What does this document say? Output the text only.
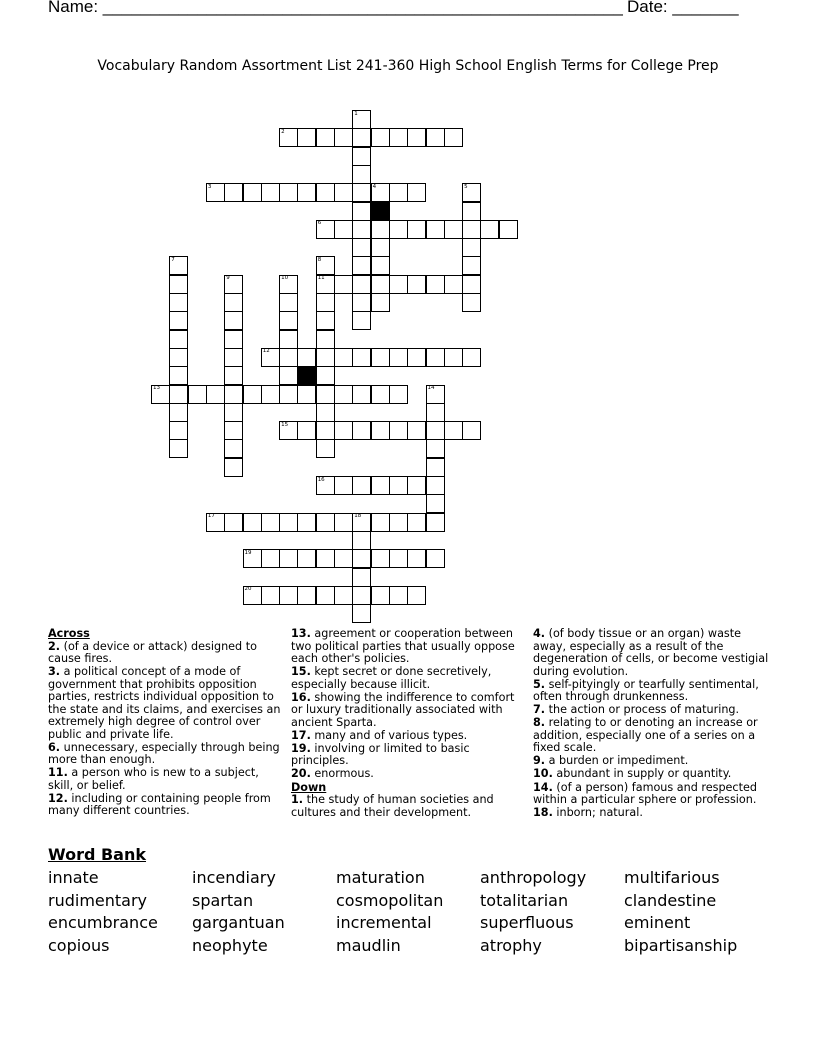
Name: _______________________________________________________ Date: _______
Vocabulary Random Assortment List 241-360 High School English Terms for College Prep
1
2
3	4	5
6
7	8
9	10	11
12
13	14
15
16
17	18
19
20
Across
2. (of a device or attack) designed to cause fires.
3. a political concept of a mode of government that prohibits opposition parties, restricts individual opposition to the state and its claims, and exercises an extremely high degree of control over public and private life.
6. unnecessary, especially through being more than enough.
11. a person who is new to a subject, skill, or belief.
12. including or containing people from many different countries.
13. agreement or cooperation between two political parties that usually oppose each other's policies.
15. kept secret or done secretively, especially because illicit.
16. showing the indifference to comfort or luxury traditionally associated with ancient Sparta.
17. many and of various types.
19. involving or limited to basic principles.
20. enormous.
Down
1. the study of human societies and cultures and their development.
4. (of body tissue or an organ) waste away, especially as a result of the degeneration of cells, or become vestigial during evolution.
5. self-pityingly or tearfully sentimental, often through drunkenness.
7. the action or process of maturing.
8. relating to or denoting an increase or addition, especially one of a series on a fixed scale.
9. a burden or impediment.
10. abundant in supply or quantity.
14. (of a person) famous and respected within a particular sphere or profession.
18. inborn; natural.
Word Bank
innate	incendiary	maturation	anthropology	multifarious
rudimentary	spartan	cosmopolitan	totalitarian	clandestine
encumbrance	gargantuan	incremental	superfluous	eminent
copious	neophyte	maudlin	atrophy	bipartisanship
